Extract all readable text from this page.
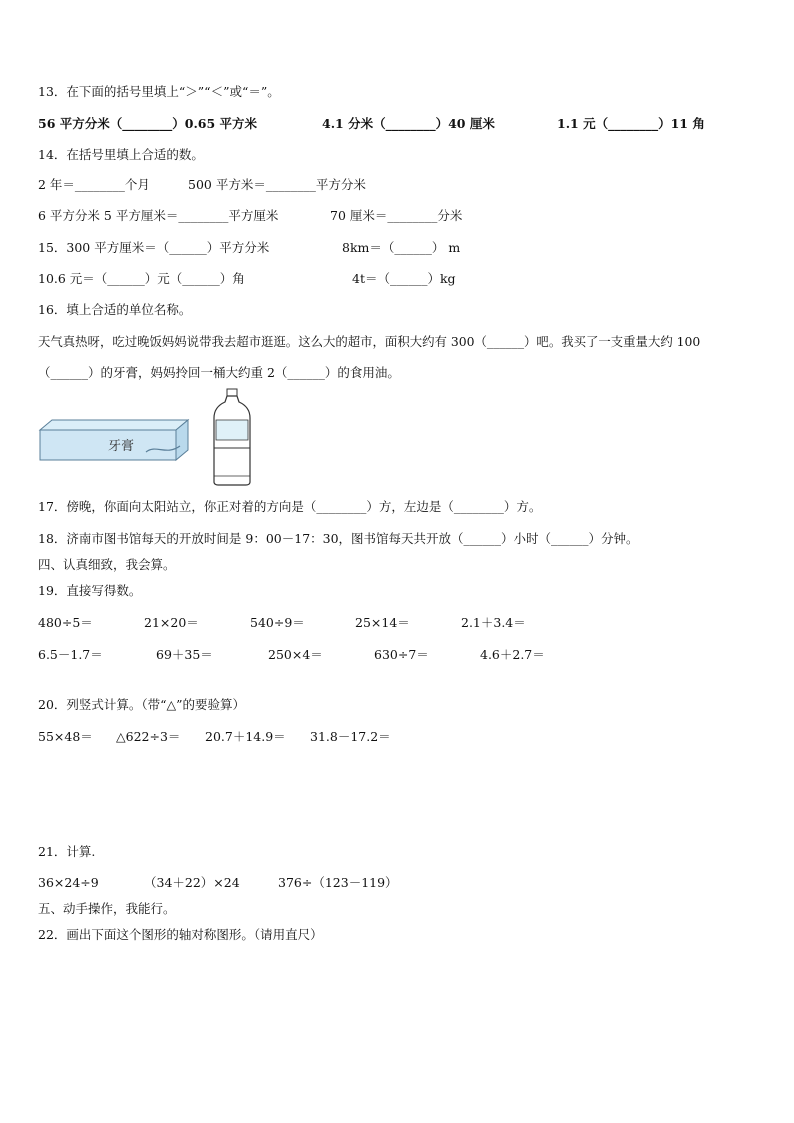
13．在下面的括号里填上“＞”“＜”或“＝”。
56 平方分米（________）0.65 平方米	4.1 分米（________）40 厘米	1.1 元（________）11 角
14．在括号里填上合适的数。
2 年＝________个月	500 平方米＝________平方分米
6 平方分米 5 平方厘米＝________平方厘米	70 厘米＝________分米
15．300 平方厘米＝（______）平方分米	8km＝（______） m
10.6 元＝（______）元（______）角	4t＝（______）kg
16．填上合适的单位名称。
天气真热呀，吃过晚饭妈妈说带我去超市逛逛。这么大的超市，面积大约有 300（______）吧。我买了一支重量大约 100
（______）的牙膏，妈妈拎回一桶大约重 2（______）的食用油。
牙膏
17．傍晚，你面向太阳站立，你正对着的方向是（________）方，左边是（________）方。
18．济南市图书馆每天的开放时间是 9：00－17：30，图书馆每天共开放（______）小时（______）分钟。
四、认真细致，我会算。
19．直接写得数。
480÷5＝	21×20＝	540÷9＝	25×14＝	2.1＋3.4＝
6.5－1.7＝	69＋35＝	250×4＝	630÷7＝	4.6＋2.7＝
20．列竖式计算。（带“△”的要验算）
55×48＝ △622÷3＝ 20.7＋14.9＝ 31.8－17.2＝
21．计算.
36×24÷9	（34＋22）×24	376÷（123－119）
五、动手操作，我能行。
22．画出下面这个图形的轴对称图形。（请用直尺）
